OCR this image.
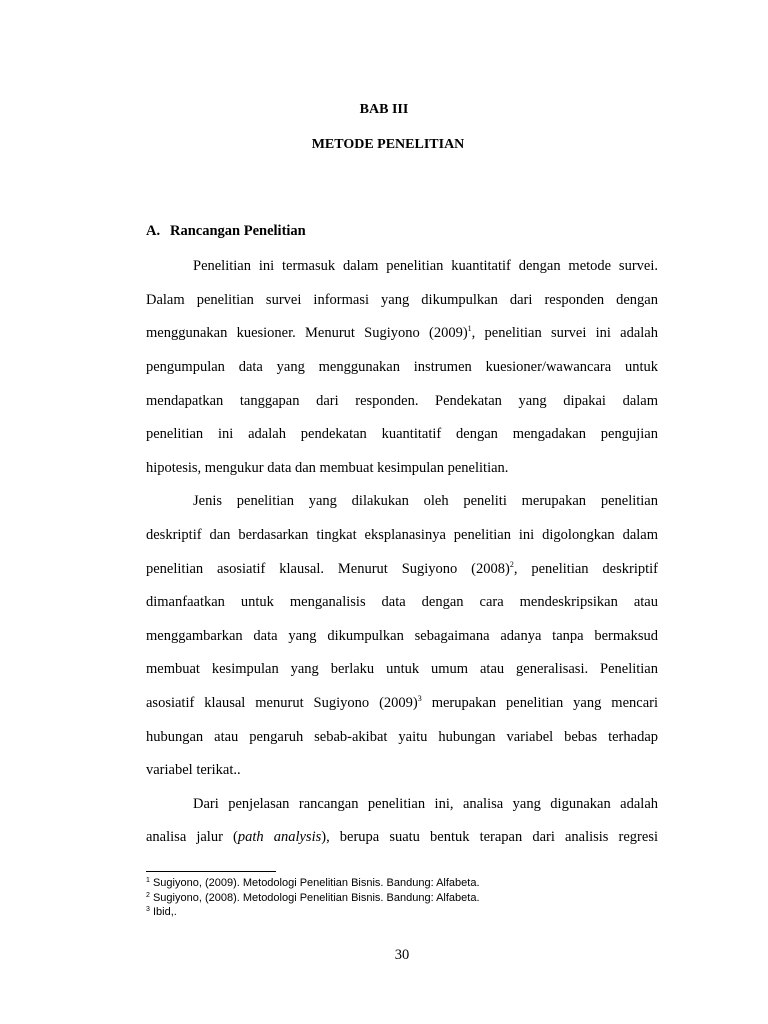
BAB III
METODE PENELITIAN
A. Rancangan Penelitian
Penelitian ini termasuk dalam penelitian kuantitatif dengan metode survei.
Dalam penelitian survei informasi yang dikumpulkan dari responden dengan
menggunakan kuesioner. Menurut Sugiyono $(2009)^1$, penelitian survei ini adalah
pengumpulan data yang menggunakan instrumen kuesioner/wawancara untuk
mendapatkan tanggapan dari responden. Pendekatan yang dipakai dalam
penelitian ini adalah pendekatan kuantitatif dengan mengadakan pengujian
hipotesis, mengukur data dan membuat kesimpulan penelitian.
Jenis penelitian yang dilakukan oleh peneliti merupakan penelitian
deskriptif dan berdasarkan tingkat eksplanasinya penelitian ini digolongkan dalam
penelitian asosiatif klausal. Menurut Sugiyono $(2008)^2$, penelitian deskriptif
dimanfaatkan untuk menganalisis data dengan cara mendeskripsikan atau
menggambarkan data yang dikumpulkan sebagaimana adanya tanpa bermaksud
membuat kesimpulan yang berlaku untuk umum atau generalisasi. Penelitian
asosiatif klausal menurut Sugiyono $(2009)^3$ merupakan penelitian yang mencari
hubungan atau pengaruh sebab-akibat yaitu hubungan variabel bebas terhadap
variabel terikat..
Dari penjelasan rancangan penelitian ini, analisa yang digunakan adalah
analisa jalur (path analysis), berupa suatu bentuk terapan dari analisis regresi
$^1$ Sugiyono, (2009). Metodologi Penelitian Bisnis. Bandung: Alfabeta.
$^2$ Sugiyono, (2008). Metodologi Penelitian Bisnis. Bandung: Alfabeta.
$^3$ Ibid,.
30
